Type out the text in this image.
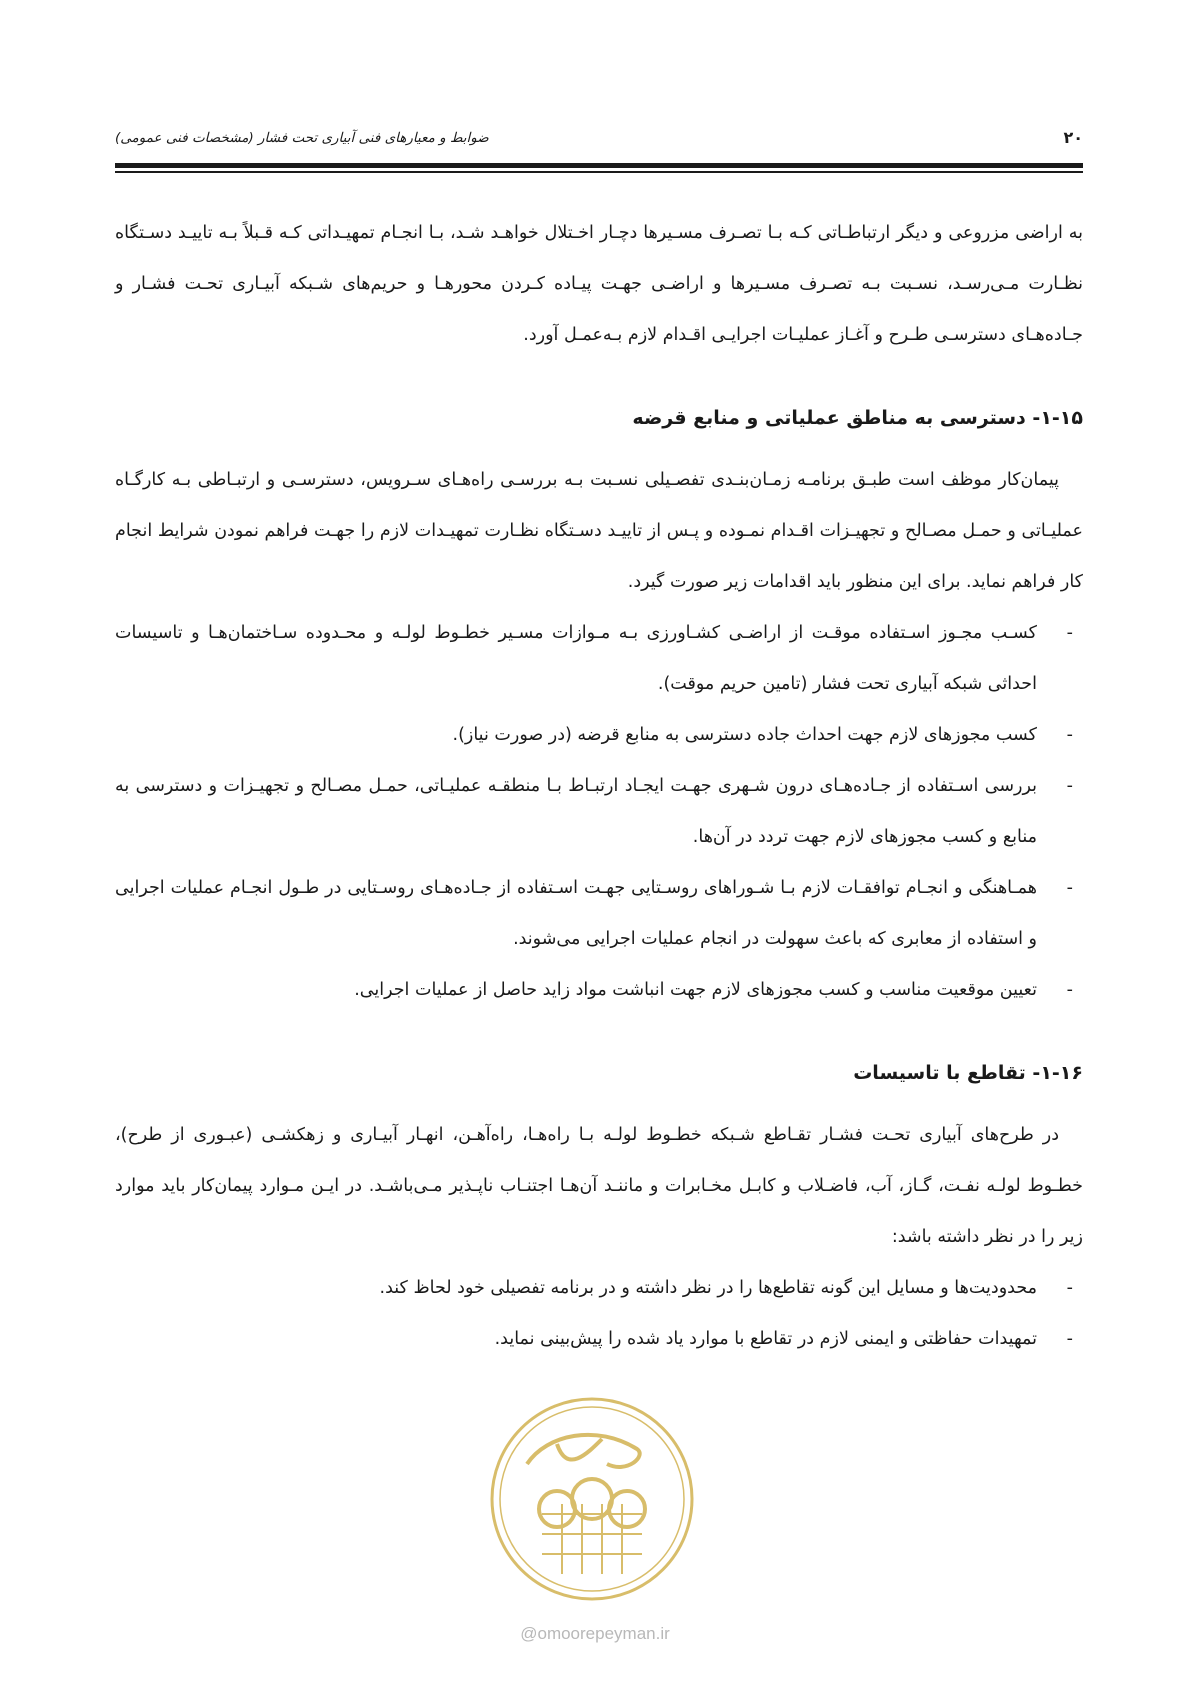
ضوابط و معیارهای فنی آبیاری تحت فشار (مشخصات فنی عمومی)	۲۰

به اراضی مزروعی و دیگر ارتباطـاتی کـه بـا تصـرف مسـیرها دچـار اخـتلال خواهـد شـد، بـا انجـام تمهیـداتی کـه قـبلاً بـه تاییـد دسـتگاه نظـارت مـی‌رسـد، نسـبت بـه تصـرف مسـیرها و اراضـی جهـت پیـاده کـردن محورهـا و حریم‌های شـبکه آبیـاری تحـت فشـار و جـاده‌هـای دسترسـی طـرح و آغـاز عملیـات اجرایـی اقـدام لازم بـه‌عمـل آورد.

۱-۱۵- دسترسی به مناطق عملیاتی و منابع قرضه

پیمان‌کار موظف است طبـق برنامـه زمـان‌بنـدی تفصـیلی نسـبت بـه بررسـی راه‌هـای سـرویس، دسترسـی و ارتبـاطی بـه کارگـاه عملیـاتی و حمـل مصـالح و تجهیـزات اقـدام نمـوده و پـس از تاییـد دسـتگاه نظـارت تمهیـدات لازم را جهـت فراهم نمودن شرایط انجام کار فراهم نماید. برای این منظور باید اقدامات زیر صورت گیرد.

-
کسـب مجـوز اسـتفاده موقـت از اراضـی کشـاورزی بـه مـوازات مسـیر خطـوط لولـه و محـدوده سـاختمان‌هـا و تاسیسات احداثی شبکه آبیاری تحت فشار (تامین حریم موقت).
-
کسب مجوزهای لازم جهت احداث جاده دسترسی به منابع قرضه (در صورت نیاز).
-
بررسی اسـتفاده از جـاده‌هـای درون شـهری جهـت ایجـاد ارتبـاط بـا منطقـه عملیـاتی، حمـل مصـالح و تجهیـزات و دسترسی به منابع و کسب مجوزهای لازم جهت تردد در آن‌ها.
-
همـاهنگی و انجـام توافقـات لازم بـا شـوراهای روسـتایی جهـت اسـتفاده از جـاده‌هـای روسـتایی در طـول انجـام عملیات اجرایی و استفاده از معابری که باعث سهولت در انجام عملیات اجرایی می‌شوند.
-
تعیین موقعیت مناسب و کسب مجوزهای لازم جهت انباشت مواد زاید حاصل از عملیات اجرایی.
۱-۱۶- تقاطع با تاسیسات

در طرح‌های آبیاری تحـت فشـار تقـاطع شـبکه خطـوط لولـه بـا راه‌هـا، راه‌آهـن، انهـار آبیـاری و زهکشـی (عبـوری از طرح)، خطـوط لولـه نفـت، گـاز، آب، فاضـلاب و کابـل مخـابرات و ماننـد آن‌هـا اجتنـاب ناپـذیر مـی‌باشـد. در ایـن مـوارد پیمان‌کار باید موارد زیر را در نظر داشته باشد:

-
محدودیت‌ها و مسایل این گونه تقاطع‌ها را در نظر داشته و در برنامه تفصیلی خود لحاظ کند.
-
تمهیدات حفاظتی و ایمنی لازم در تقاطع با موارد یاد شده را پیش‌بینی نماید.
@omoorepeyman.ir
